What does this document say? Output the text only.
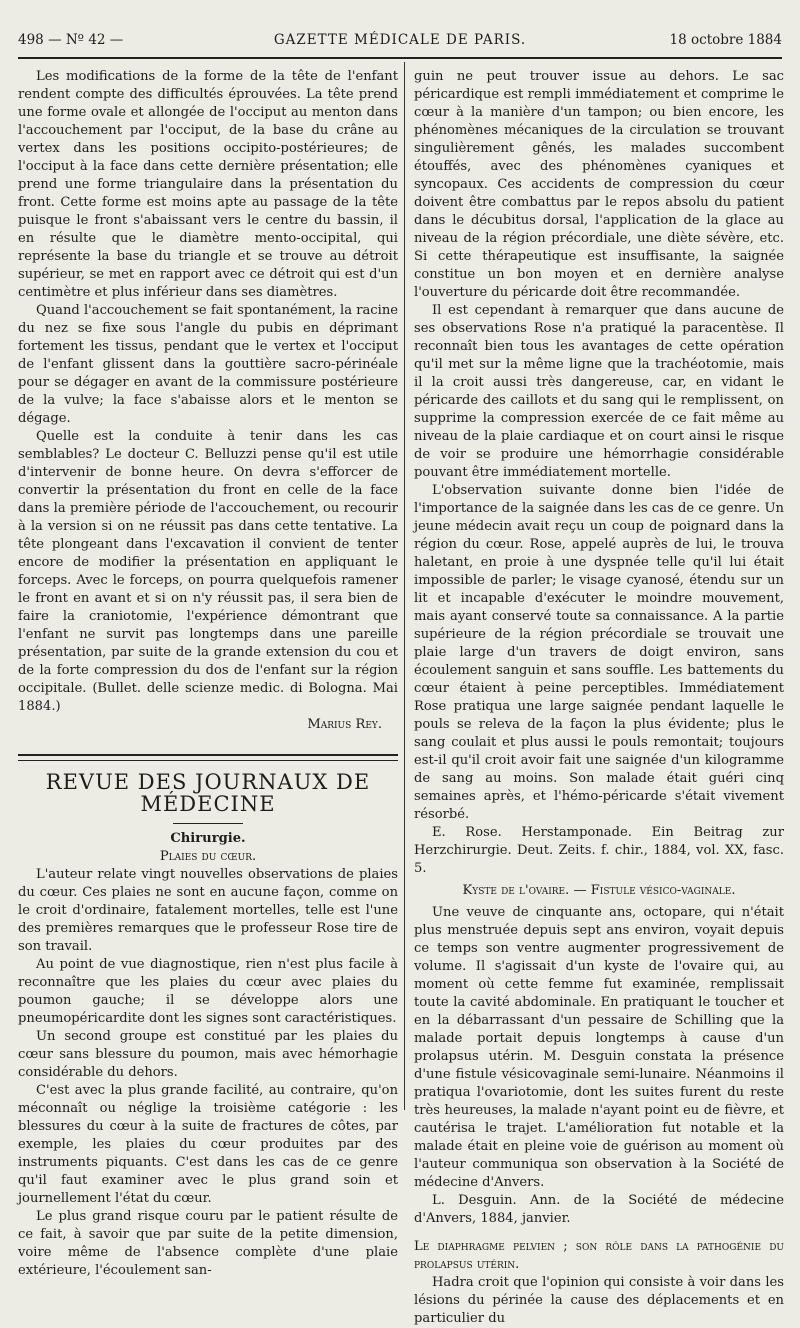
498 — Nº 42 —	GAZETTE MÉDICALE DE PARIS.	18 octobre 1884

Les modifications de la forme de la tête de l'enfant rendent compte des difficultés éprouvées. La tête prend une forme ovale et allongée de l'occiput au menton dans l'accouchement par l'occiput, de la base du crâne au vertex dans les positions occipito-postérieures; de l'occiput à la face dans cette dernière présentation; elle prend une forme triangulaire dans la présentation du front. Cette forme est moins apte au passage de la tête puisque le front s'abaissant vers le centre du bassin, il en résulte que le diamètre mento-occipital, qui représente la base du triangle et se trouve au détroit supérieur, se met en rapport avec ce détroit qui est d'un centimètre et plus inférieur dans ses diamètres.

Quand l'accouchement se fait spontanément, la racine du nez se fixe sous l'angle du pubis en déprimant fortement les tissus, pendant que le vertex et l'occiput de l'enfant glissent dans la gouttière sacro-périnéale pour se dégager en avant de la commissure postérieure de la vulve; la face s'abaisse alors et le menton se dégage.

Quelle est la conduite à tenir dans les cas semblables? Le docteur C. Belluzzi pense qu'il est utile d'intervenir de bonne heure. On devra s'efforcer de convertir la présentation du front en celle de la face dans la première période de l'accouchement, ou recourir à la version si on ne réussit pas dans cette tentative. La tête plongeant dans l'excavation il convient de tenter encore de modifier la présentation en appliquant le forceps. Avec le forceps, on pourra quelquefois ramener le front en avant et si on n'y réussit pas, il sera bien de faire la craniotomie, l'expérience démontrant que l'enfant ne survit pas longtemps dans une pareille présentation, par suite de la grande extension du cou et de la forte compression du dos de l'enfant sur la région occipitale. (Bullet. delle scienze medic. di Bologna. Mai 1884.)

Marius Rey.

REVUE DES JOURNAUX DE MÉDECINE

Chirurgie.

Plaies du cœur.

L'auteur relate vingt nouvelles observations de plaies du cœur. Ces plaies ne sont en aucune façon, comme on le croit d'ordinaire, fatalement mortelles, telle est l'une des premières remarques que le professeur Rose tire de son travail.

Au point de vue diagnostique, rien n'est plus facile à reconnaître que les plaies du cœur avec plaies du poumon gauche; il se développe alors une pneumopéricardite dont les signes sont caractéristiques.

Un second groupe est constitué par les plaies du cœur sans blessure du poumon, mais avec hémorhagie considérable du dehors.

C'est avec la plus grande facilité, au contraire, qu'on méconnaît ou néglige la troisième catégorie : les blessures du cœur à la suite de fractures de côtes, par exemple, les plaies du cœur produites par des instruments piquants. C'est dans les cas de ce genre qu'il faut examiner avec le plus grand soin et journellement l'état du cœur.

Le plus grand risque couru par le patient résulte de ce fait, à savoir que par suite de la petite dimension, voire même de l'absence complète d'une plaie extérieure, l'écoulement san-

guin ne peut trouver issue au dehors. Le sac péricardique est rempli immédiatement et comprime le cœur à la manière d'un tampon; ou bien encore, les phénomènes mécaniques de la circulation se trouvant singulièrement gênés, les malades succombent étouffés, avec des phénomènes cyaniques et syncopaux. Ces accidents de compression du cœur doivent être combattus par le repos absolu du patient dans le décubitus dorsal, l'application de la glace au niveau de la région précordiale, une diète sévère, etc. Si cette thérapeutique est insuffisante, la saignée constitue un bon moyen et en dernière analyse l'ouverture du péricarde doit être recommandée.

Il est cependant à remarquer que dans aucune de ses observations Rose n'a pratiqué la paracentèse. Il reconnaît bien tous les avantages de cette opération qu'il met sur la même ligne que la trachéotomie, mais il la croit aussi très dangereuse, car, en vidant le péricarde des caillots et du sang qui le remplissent, on supprime la compression exercée de ce fait même au niveau de la plaie cardiaque et on court ainsi le risque de voir se produire une hémorrhagie considérable pouvant être immédiatement mortelle.

L'observation suivante donne bien l'idée de l'importance de la saignée dans les cas de ce genre. Un jeune médecin avait reçu un coup de poignard dans la région du cœur. Rose, appelé auprès de lui, le trouva haletant, en proie à une dyspnée telle qu'il lui était impossible de parler; le visage cyanosé, étendu sur un lit et incapable d'exécuter le moindre mouvement, mais ayant conservé toute sa connaissance. A la partie supérieure de la région précordiale se trouvait une plaie large d'un travers de doigt environ, sans écoulement sanguin et sans souffle. Les battements du cœur étaient à peine perceptibles. Immédiatement Rose pratiqua une large saignée pendant laquelle le pouls se releva de la façon la plus évidente; plus le sang coulait et plus aussi le pouls remontait; toujours est-il qu'il croit avoir fait une saignée d'un kilogramme de sang au moins. Son malade était guéri cinq semaines après, et l'hémo-péricarde s'était vivement résorbé.

E. Rose. Herstamponade. Ein Beitrag zur Herzchirurgie. Deut. Zeits. f. chir., 1884, vol. XX, fasc. 5.

Kyste de l'ovaire. — Fistule vésico-vaginale.

Une veuve de cinquante ans, octopare, qui n'était plus menstruée depuis sept ans environ, voyait depuis ce temps son ventre augmenter progressivement de volume. Il s'agissait d'un kyste de l'ovaire qui, au moment où cette femme fut examinée, remplissait toute la cavité abdominale. En pratiquant le toucher et en la débarrassant d'un pessaire de Schilling que la malade portait depuis longtemps à cause d'un prolapsus utérin. M. Desguin constata la présence d'une fistule vésicovaginale semi-lunaire. Néanmoins il pratiqua l'ovariotomie, dont les suites furent du reste très heureuses, la malade n'ayant point eu de fièvre, et cautérisa le trajet. L'amélioration fut notable et la malade était en pleine voie de guérison au moment où l'auteur communiqua son observation à la Société de médecine d'Anvers.

L. Desguin. Ann. de la Société de médecine d'Anvers, 1884, janvier.

Le diaphragme pelvien ; son rôle dans la pathogénie du prolapsus utérin.

Hadra croit que l'opinion qui consiste à voir dans les lésions du périnée la cause des déplacements et en particulier du
